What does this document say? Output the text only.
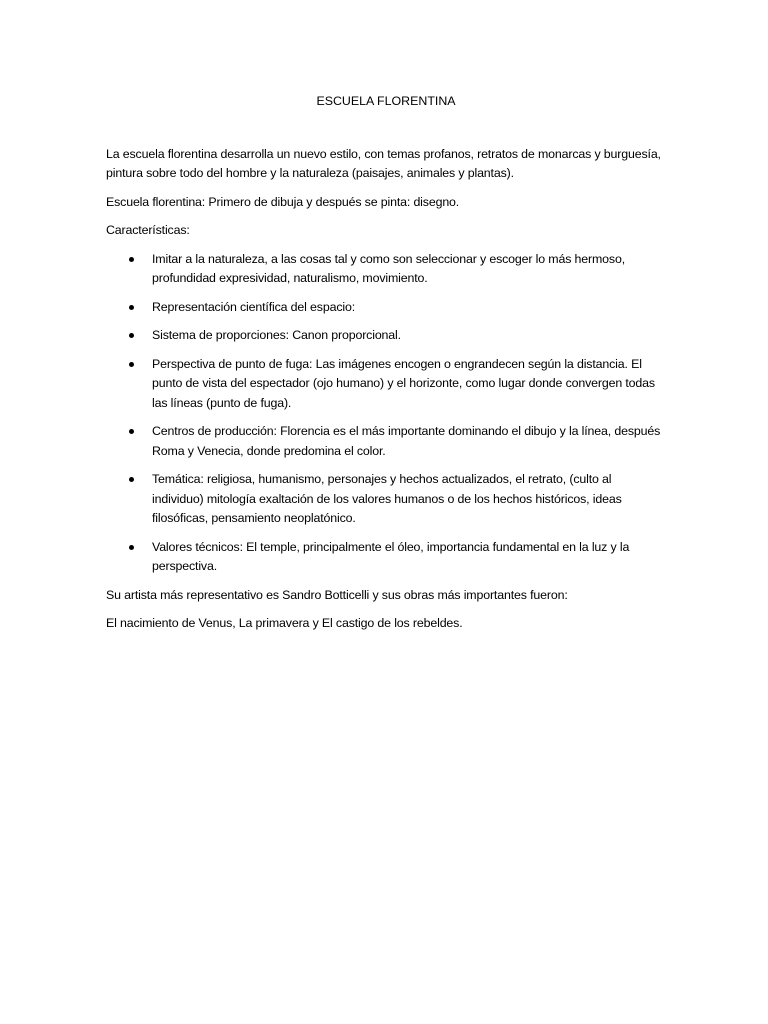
ESCUELA FLORENTINA

La escuela florentina desarrolla un nuevo estilo, con temas profanos, retratos de monarcas y burguesía, pintura sobre todo del hombre y la naturaleza (paisajes, animales y plantas).

Escuela florentina: Primero de dibuja y después se pinta: disegno.

Características:

Imitar a la naturaleza, a las cosas tal y como son seleccionar y escoger lo más hermoso, profundidad expresividad, naturalismo, movimiento.
Representación científica del espacio:
Sistema de proporciones: Canon proporcional.
Perspectiva de punto de fuga: Las imágenes encogen o engrandecen según la distancia. El punto de vista del espectador (ojo humano) y el horizonte, como lugar donde convergen todas las líneas (punto de fuga).
Centros de producción: Florencia es el más importante dominando el dibujo y la línea, después Roma y Venecia, donde predomina el color.
Temática: religiosa, humanismo, personajes y hechos actualizados, el retrato, (culto al individuo) mitología exaltación de los valores humanos o de los hechos históricos, ideas filosóficas, pensamiento neoplatónico.
Valores técnicos: El temple, principalmente el óleo, importancia fundamental en la luz y la perspectiva.

Su artista más representativo es Sandro Botticelli y sus obras más importantes fueron:

El nacimiento de Venus, La primavera y El castigo de los rebeldes.
